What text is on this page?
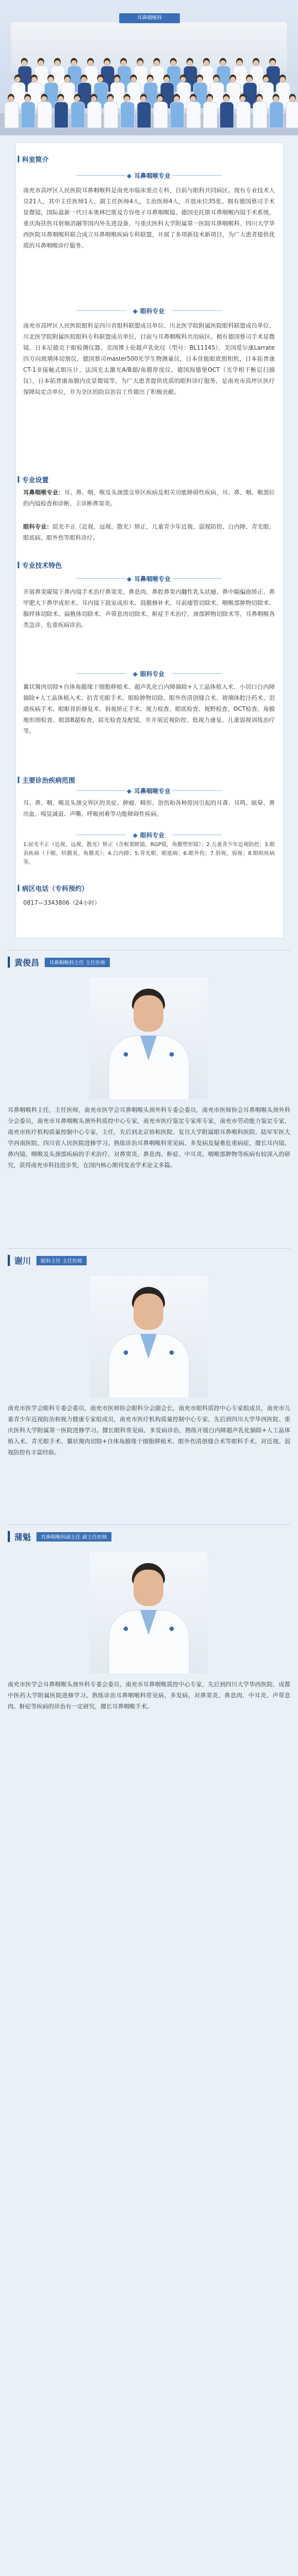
耳鼻咽喉科
科室简介
耳鼻咽喉专业
南充市高坪区人民医院耳鼻咽喉科是南充市临床重点专科，目前与眼科共同病区。现有专业技术人员21人，其中主任医师1人，副主任医师4人，主治医师4人，开放床位35张。拥有德国蔡司手术显微镜，国际最新一代日本奥林巴斯及方容电子耳鼻咽喉镜、德国史托斯耳鼻咽喉内镜手术系统，重庆海扶焦耳射频消融等国内外先进设备，与重庆医科大学附属第一医院耳鼻咽喉科、四川大学华西医院耳鼻咽喉科联合成立耳鼻咽喉疾病专科联盟，开展了多项新技术新项目，为广大患者提供优质的耳鼻咽喉诊疗服务。
眼科专业
南充市高坪区人民医院眼科是四川省眼科联盟成员单位、川北医学院附属医院眼科联盟成员单位、川北医学院附属医院眼科专科联盟成员单位，目前与耳鼻咽喉科共用病区。拥有德国蔡司手术显微镜、日本尼德克干眼检测仪器，美国博士伦超声乳化仪（型号：BL11145），美国爱尔康Larrate四方向玻璃体切割仪，德国蔡司master500光学生物测量仪，日本佳能眼底照相机，日本拓普康CT-1非接触式眼压计，法国光太激光A/B超/角膜厚度仪，德国海德堡OCT（光学相干断层扫描仪），日本拓普康角膜内皮显微镜等，为广大患者提供优质的眼科诊疗服务，是南充市高坪区医疗保障局定点单位，并为全区的防盲治盲工作做出了积极贡献。
专业设置
耳鼻咽喉专业：耳、鼻、咽、喉及头颈部交界区疾病及相关功能障碍性疾病，耳、鼻、咽、喉部位的内镜检查和诊断，主诊断鼻窦炎。
眼科专业：屈光不正（近视、远视、散光）矫正，儿童青少年近视、弱视防控、白内障、青光眼、眼底病、眼外伤等眼科诊疗。
专业技术特色
耳鼻咽喉专业
开展鼻窦窥镜下鼻内镜手术治疗鼻窦炎、鼻息肉、鼻腔鼻窦内翻性乳头状瘤、鼻中隔偏曲矫正、鼻甲肥大下鼻甲成形术、耳内镜下鼓室成形术、鼓膜修补术、耳前瘘管切除术、咽喉部肿物切除术、腺样体切除术、扁桃体切除术、声带息肉切除术、鼾症手术治疗，颈部肿物切除术等，耳鼻咽喉各类急诊、危重疾病诊治。
眼科专业
翼状胬肉切除+自体角膜缘干细胞移植术、超声乳化白内障摘除+人工晶体植入术、小切口白内障摘除+人工晶体植入术、抗青光眼手术、眼睑肿物切除、眼外伤清创缝合术、玻璃体腔注药术、泪道疾病手术、眼眶骨折修复术、斜视矫正手术、视力检查、眼底检查、视野检查、OCT检查、角膜地形图检查、眼部B超检查，屈光检查及配镜，并开展近视防控、低视力康复、儿童弱视训练治疗等。
主要诊治疾病范围
耳鼻咽喉专业
耳、鼻、咽、喉及头颈交界区的炎症、肿瘤、畸形、创伤和各种原因引起的耳聋、耳鸣、眩晕、鼻出血、嗅觉减退、声嘶、呼吸困难等功能障碍性疾病。
眼科专业
1.屈光不正（近视、远视、散光）矫正（含框架眼镜、RGP镜，角膜塑形镜）；2.儿童青少年近视防控；3.眼表疾病（干眼、结膜炎、角膜炎）；4.白内障；5.青光眼、眼底病；6.眼外伤；7.斜视、弱视；8.眼睑疾病等。
病区电话（专科预约）
0817—3343806（24小时）
黄俊昌	耳鼻咽喉科主任 主任医师
耳鼻咽喉科主任，主任医师，南充市医学会耳鼻咽喉头颈外科专委会委员，南充市医师协会耳鼻咽喉头颈外科分会委员，南充市耳鼻咽喉头颈外科质控中心专家，南充市医疗鉴定专家库专家，南充市劳动能力鉴定专家，南充市医疗机构质量控制中心专家，主任，先后到北京协和医院、复旦大学附属眼耳鼻喉科医院、陆军军医大学西南医院、四川省人民医院进修学习。熟练诊治耳鼻咽喉科常见病、多发病及疑难危重病症，擅长耳内镜、鼻内镜、咽喉及头颈部疾病的手术治疗，对鼻窦炎、鼻息肉、鼾症、中耳炎、咽喉部肿物等疾病有较深入的研究，获得南充市科技进步奖，在国内核心期刊发表学术论文多篇。
谢川	眼科主任 主任医师
南充市医学会眼科专委会委员，南充市医师协会眼科分会副会长，南充市眼科质控中心专家组成员，南充市儿童青少年近视防治和视力健康专家组成员，南充市医疗机构质量控制中心专家，先后到四川大学华西医院、重庆医科大学附属第一医院进修学习。擅长眼科常见病、多发病诊治，熟练开展白内障超声乳化摘除+人工晶体植入术、青光眼手术、翼状胬肉切除+自体角膜缘干细胞移植术、眼外伤清创缝合术等眼科手术，对近视、弱视防控有丰富经验。
蒲魁	耳鼻咽喉科副主任 副主任医师
南充市医学会耳鼻咽喉头颈外科专委会委员，南充市耳鼻咽喉质控中心专家，先后到四川大学华西医院、成都中医药大学附属医院进修学习。熟练诊治耳鼻咽喉科常见病、多发病，对鼻窦炎、鼻息肉、中耳炎、声带息肉、鼾症等疾病的诊治有一定研究，擅长耳鼻咽喉手术。
